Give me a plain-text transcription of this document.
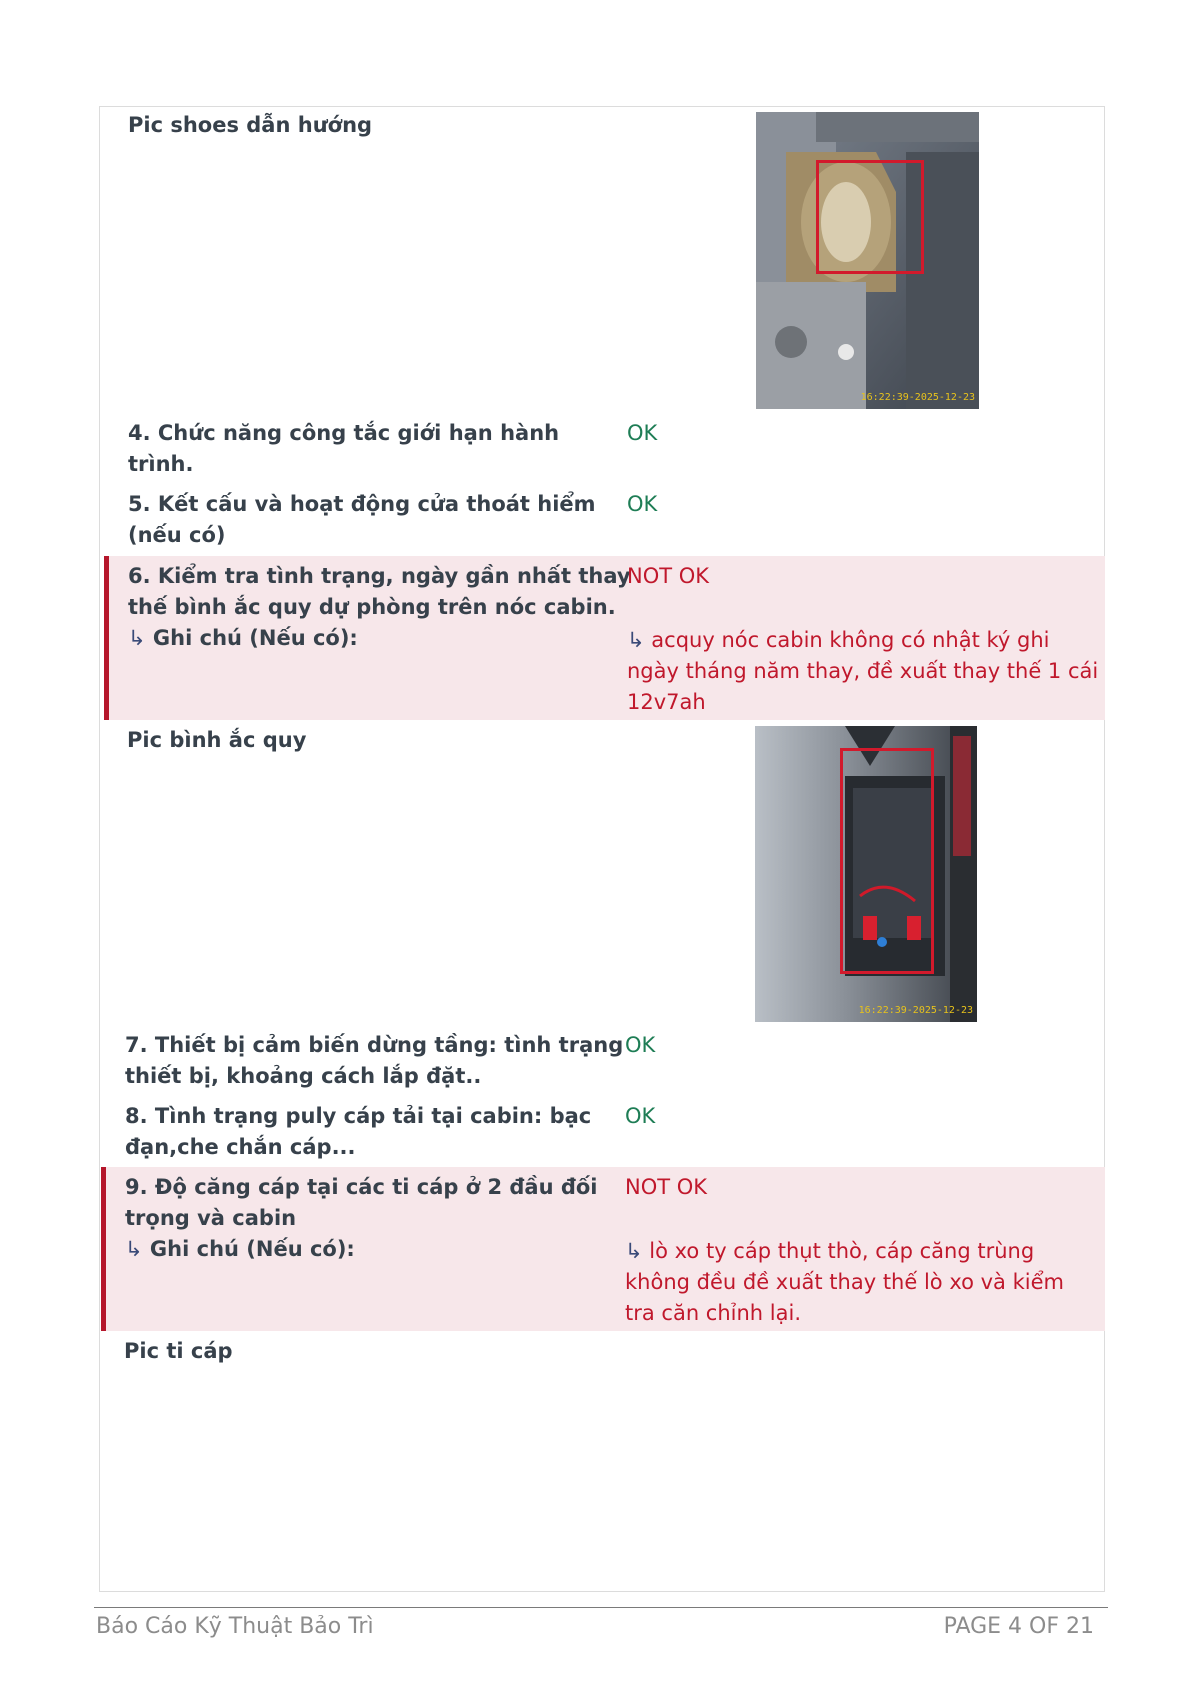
Pic shoes dẫn hướng
16:22:39-2025-12-23
4. Chức năng công tắc giới hạn hành
trình.
OK
5. Kết cấu và hoạt động cửa thoát hiểm
(nếu có)
OK
6. Kiểm tra tình trạng, ngày gần nhất thay
thế bình ắc quy dự phòng trên nóc cabin.
NOT OK
↳ Ghi chú (Nếu có):	↳ acquy nóc cabin không có nhật ký ghi
ngày tháng năm thay, đề xuất thay thế 1 cái
12v7ah
Pic bình ắc quy
16:22:39-2025-12-23
7. Thiết bị cảm biến dừng tầng: tình trạng
thiết bị, khoảng cách lắp đặt..
OK
8. Tình trạng puly cáp tải tại cabin: bạc
đạn,che chắn cáp...
OK
9. Độ căng cáp tại các ti cáp ở 2 đầu đối
trọng và cabin
NOT OK
↳ Ghi chú (Nếu có):	↳ lò xo ty cáp thụt thò, cáp căng trùng
không đều đề xuất thay thế lò xo và kiểm
tra căn chỉnh lại.
Pic ti cáp
Báo Cáo Kỹ Thuật Bảo Trì	PAGE 4 OF 21
